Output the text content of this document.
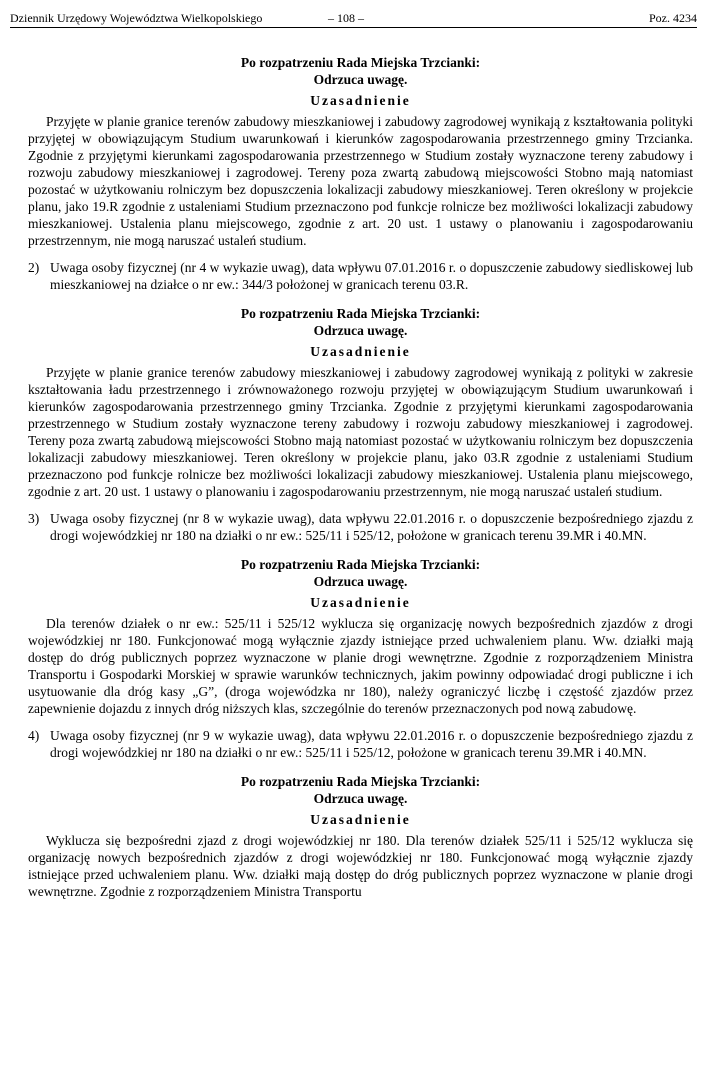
Dziennik Urzędowy Województwa Wielkopolskiego	– 108 –	Poz. 4234
Po rozpatrzeniu Rada Miejska Trzcianki:
Odrzuca uwagę.
Uzasadnienie

Przyjęte w planie granice terenów zabudowy mieszkaniowej i zabudowy zagrodowej wynikają z kształtowania polityki przyjętej w obowiązującym Studium uwarunkowań i kierunków zagospodarowania przestrzennego gminy Trzcianka. Zgodnie z przyjętymi kierunkami zagospodarowania przestrzennego w Studium zostały wyznaczone tereny zabudowy i rozwoju zabudowy mieszkaniowej i zagrodowej. Tereny poza zwartą zabudową miejscowości Stobno mają natomiast pozostać w użytkowaniu rolniczym bez dopuszczenia lokalizacji zabudowy mieszkaniowej. Teren określony w projekcie planu, jako 19.R zgodnie z ustaleniami Studium przeznaczono pod funkcje rolnicze bez możliwości lokalizacji zabudowy mieszkaniowej. Ustalenia planu miejscowego, zgodnie z art. 20 ust. 1 ustawy o planowaniu i zagospodarowaniu przestrzennym, nie mogą naruszać ustaleń studium.

2) Uwaga osoby fizycznej (nr 4 w wykazie uwag), data wpływu 07.01.2016 r. o dopuszczenie zabudowy siedliskowej lub mieszkaniowej na działce o nr ew.: 344/3 położonej w granicach terenu 03.R.
Po rozpatrzeniu Rada Miejska Trzcianki:
Odrzuca uwagę.
Uzasadnienie

Przyjęte w planie granice terenów zabudowy mieszkaniowej i zabudowy zagrodowej wynikają z polityki w zakresie kształtowania ładu przestrzennego i zrównoważonego rozwoju przyjętej w obowiązującym Studium uwarunkowań i kierunków zagospodarowania przestrzennego gminy Trzcianka. Zgodnie z przyjętymi kierunkami zagospodarowania przestrzennego w Studium zostały wyznaczone tereny zabudowy i rozwoju zabudowy mieszkaniowej i zagrodowej. Tereny poza zwartą zabudową miejscowości Stobno mają natomiast pozostać w użytkowaniu rolniczym bez dopuszczenia lokalizacji zabudowy mieszkaniowej. Teren określony w projekcie planu, jako 03.R zgodnie z ustaleniami Studium przeznaczono pod funkcje rolnicze bez możliwości lokalizacji zabudowy mieszkaniowej. Ustalenia planu miejscowego, zgodnie z art. 20 ust. 1 ustawy o planowaniu i zagospodarowaniu przestrzennym, nie mogą naruszać ustaleń studium.

3) Uwaga osoby fizycznej (nr 8 w wykazie uwag), data wpływu 22.01.2016 r. o dopuszczenie bezpośredniego zjazdu z drogi wojewódzkiej nr 180 na działki o nr ew.: 525/11 i 525/12, położone w granicach terenu 39.MR i 40.MN.
Po rozpatrzeniu Rada Miejska Trzcianki:
Odrzuca uwagę.
Uzasadnienie

Dla terenów działek o nr ew.: 525/11 i 525/12 wyklucza się organizację nowych bezpośrednich zjazdów z drogi wojewódzkiej nr 180. Funkcjonować mogą wyłącznie zjazdy istniejące przed uchwaleniem planu. Ww. działki mają dostęp do dróg publicznych poprzez wyznaczone w planie drogi wewnętrzne. Zgodnie z rozporządzeniem Ministra Transportu i Gospodarki Morskiej w sprawie warunków technicznych, jakim powinny odpowiadać drogi publiczne i ich usytuowanie dla dróg kasy „G”, (droga wojewódzka nr 180), należy ograniczyć liczbę i częstość zjazdów przez zapewnienie dojazdu z innych dróg niższych klas, szczególnie do terenów przeznaczonych pod nową zabudowę.

4) Uwaga osoby fizycznej (nr 9 w wykazie uwag), data wpływu 22.01.2016 r. o dopuszczenie bezpośredniego zjazdu z drogi wojewódzkiej nr 180 na działki o nr ew.: 525/11 i 525/12, położone w granicach terenu 39.MR i 40.MN.
Po rozpatrzeniu Rada Miejska Trzcianki:
Odrzuca uwagę.
Uzasadnienie

Wyklucza się bezpośredni zjazd z drogi wojewódzkiej nr 180. Dla terenów działek 525/11 i 525/12 wyklucza się organizację nowych bezpośrednich zjazdów z drogi wojewódzkiej nr 180. Funkcjonować mogą wyłącznie zjazdy istniejące przed uchwaleniem planu. Ww. działki mają dostęp do dróg publicznych poprzez wyznaczone w planie drogi wewnętrzne. Zgodnie z rozporządzeniem Ministra Transportu
